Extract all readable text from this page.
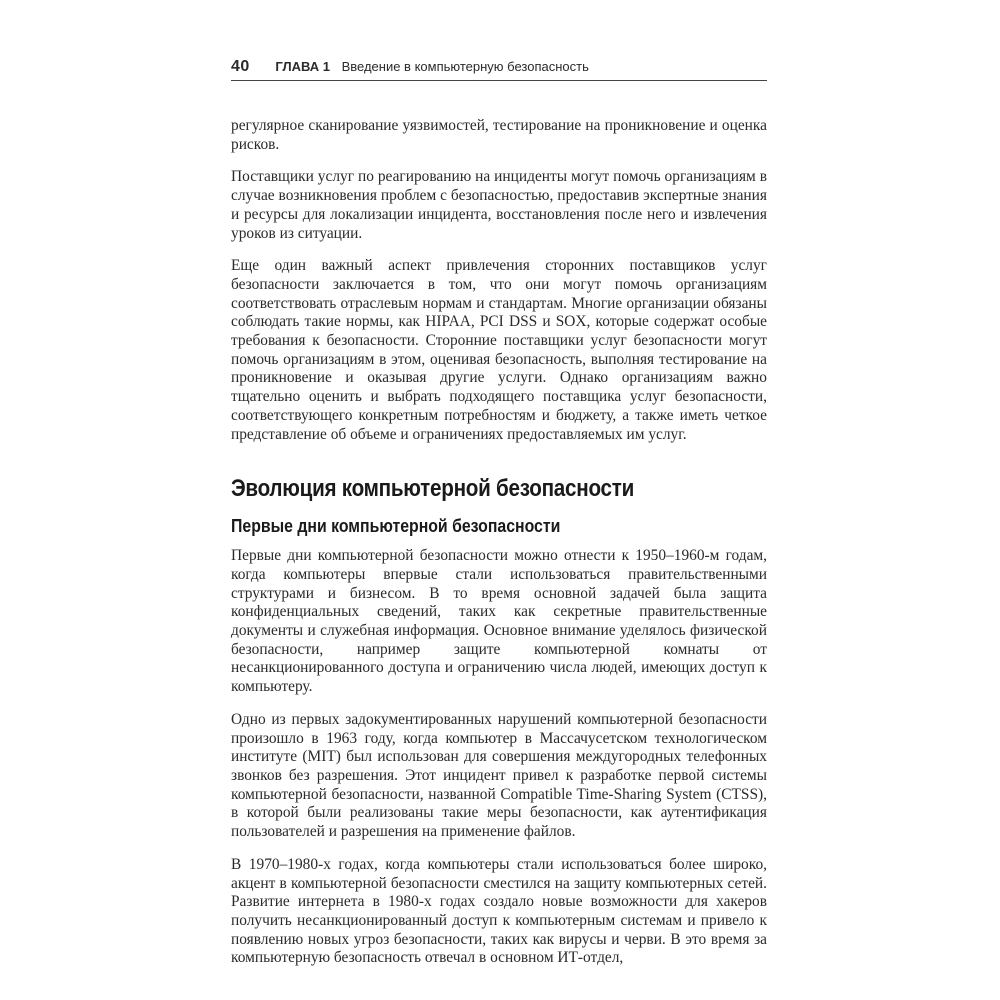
40 ГЛАВА 1 Введение в компьютерную безопасность

регулярное сканирование уязвимостей, тестирование на проникновение и оценка рисков.

Поставщики услуг по реагированию на инциденты могут помочь организациям в случае возникновения проблем с безопасностью, предоставив экспертные знания и ресурсы для локализации инцидента, восстановления после него и извлечения уроков из ситуации.

Еще один важный аспект привлечения сторонних поставщиков услуг безопасности заключается в том, что они могут помочь организациям соответствовать отраслевым нормам и стандартам. Многие организации обязаны соблюдать такие нормы, как HIPAA, PCI DSS и SOX, которые содержат особые требования к безопасности. Сторонние поставщики услуг безопасности могут помочь организациям в этом, оценивая безопасность, выполняя тестирование на проникновение и оказывая другие услуги. Однако организациям важно тщательно оценить и выбрать подходящего поставщика услуг безопасности, соответствующего конкретным потребностям и бюджету, а также иметь четкое представление об объеме и ограничениях предоставляемых им услуг.

Эволюция компьютерной безопасности
Первые дни компьютерной безопасности

Первые дни компьютерной безопасности можно отнести к 1950–1960-м годам, когда компьютеры впервые стали использоваться правительственными структурами и бизнесом. В то время основной задачей была защита конфиденциальных сведений, таких как секретные правительственные документы и служебная информация. Основное внимание уделялось физической безопасности, например защите компьютерной комнаты от несанкционированного доступа и ограничению числа людей, имеющих доступ к компьютеру.

Одно из первых задокументированных нарушений компьютерной безопасности произошло в 1963 году, когда компьютер в Массачусетском технологическом институте (MIT) был использован для совершения междугородных телефонных звонков без разрешения. Этот инцидент привел к разработке первой системы компьютерной безопасности, названной Compatible Time-Sharing System (CTSS), в которой были реализованы такие меры безопасности, как аутентификация пользователей и разрешения на применение файлов.

В 1970–1980-х годах, когда компьютеры стали использоваться более широко, акцент в компьютерной безопасности сместился на защиту компьютерных сетей. Развитие интернета в 1980-х годах создало новые возможности для хакеров получить несанкционированный доступ к компьютерным системам и привело к появлению новых угроз безопасности, таких как вирусы и черви. В это время за компьютерную безопасность отвечал в основном ИТ-отдел,
